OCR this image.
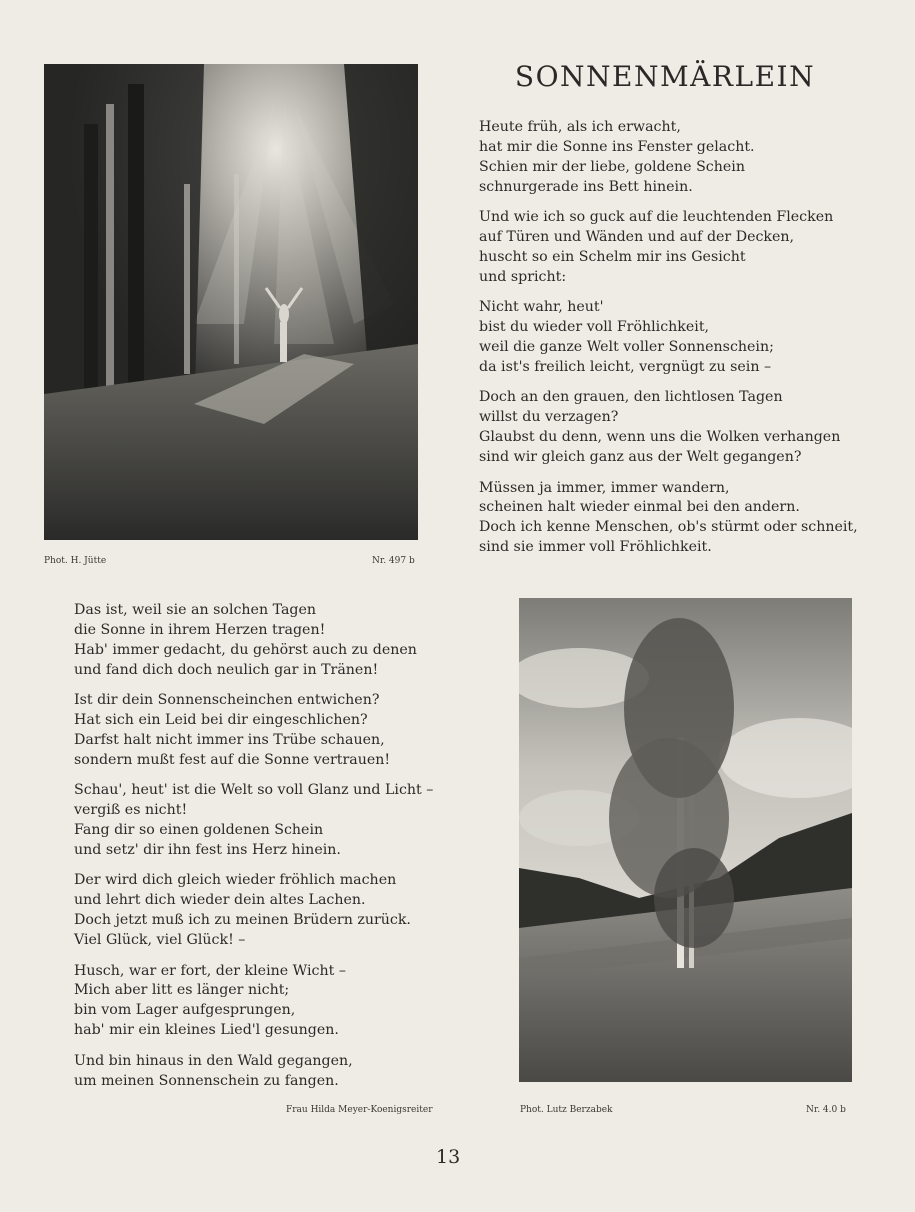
Phot. H. Jütte	Nr. 497 b
SONNENMÄRLEIN
Heute früh, als ich erwacht,
hat mir die Sonne ins Fenster gelacht.
Schien mir der liebe, goldene Schein
schnurgerade ins Bett hinein.
Und wie ich so guck auf die leuchtenden Flecken
auf Türen und Wänden und auf der Decken,
huscht so ein Schelm mir ins Gesicht
und spricht:
Nicht wahr, heut'
bist du wieder voll Fröhlichkeit,
weil die ganze Welt voller Sonnenschein;
da ist's freilich leicht, vergnügt zu sein –
Doch an den grauen, den lichtlosen Tagen
willst du verzagen?
Glaubst du denn, wenn uns die Wolken verhangen
sind wir gleich ganz aus der Welt gegangen?
Müssen ja immer, immer wandern,
scheinen halt wieder einmal bei den andern.
Doch ich kenne Menschen, ob's stürmt oder schneit,
sind sie immer voll Fröhlichkeit.
Das ist, weil sie an solchen Tagen
die Sonne in ihrem Herzen tragen!
Hab' immer gedacht, du gehörst auch zu denen
und fand dich doch neulich gar in Tränen!
Ist dir dein Sonnenscheinchen entwichen?
Hat sich ein Leid bei dir eingeschlichen?
Darfst halt nicht immer ins Trübe schauen,
sondern mußt fest auf die Sonne vertrauen!
Schau', heut' ist die Welt so voll Glanz und Licht –
vergiß es nicht!
Fang dir so einen goldenen Schein
und setz' dir ihn fest ins Herz hinein.
Der wird dich gleich wieder fröhlich machen
und lehrt dich wieder dein altes Lachen.
Doch jetzt muß ich zu meinen Brüdern zurück.
Viel Glück, viel Glück! –
Husch, war er fort, der kleine Wicht –
Mich aber litt es länger nicht;
bin vom Lager aufgesprungen,
hab' mir ein kleines Lied'l gesungen.
Und bin hinaus in den Wald gegangen,
um meinen Sonnenschein zu fangen.
Frau Hilda Meyer-Koenigsreiter	Phot. Lutz Berzabek	Nr. 4.0 b
13
